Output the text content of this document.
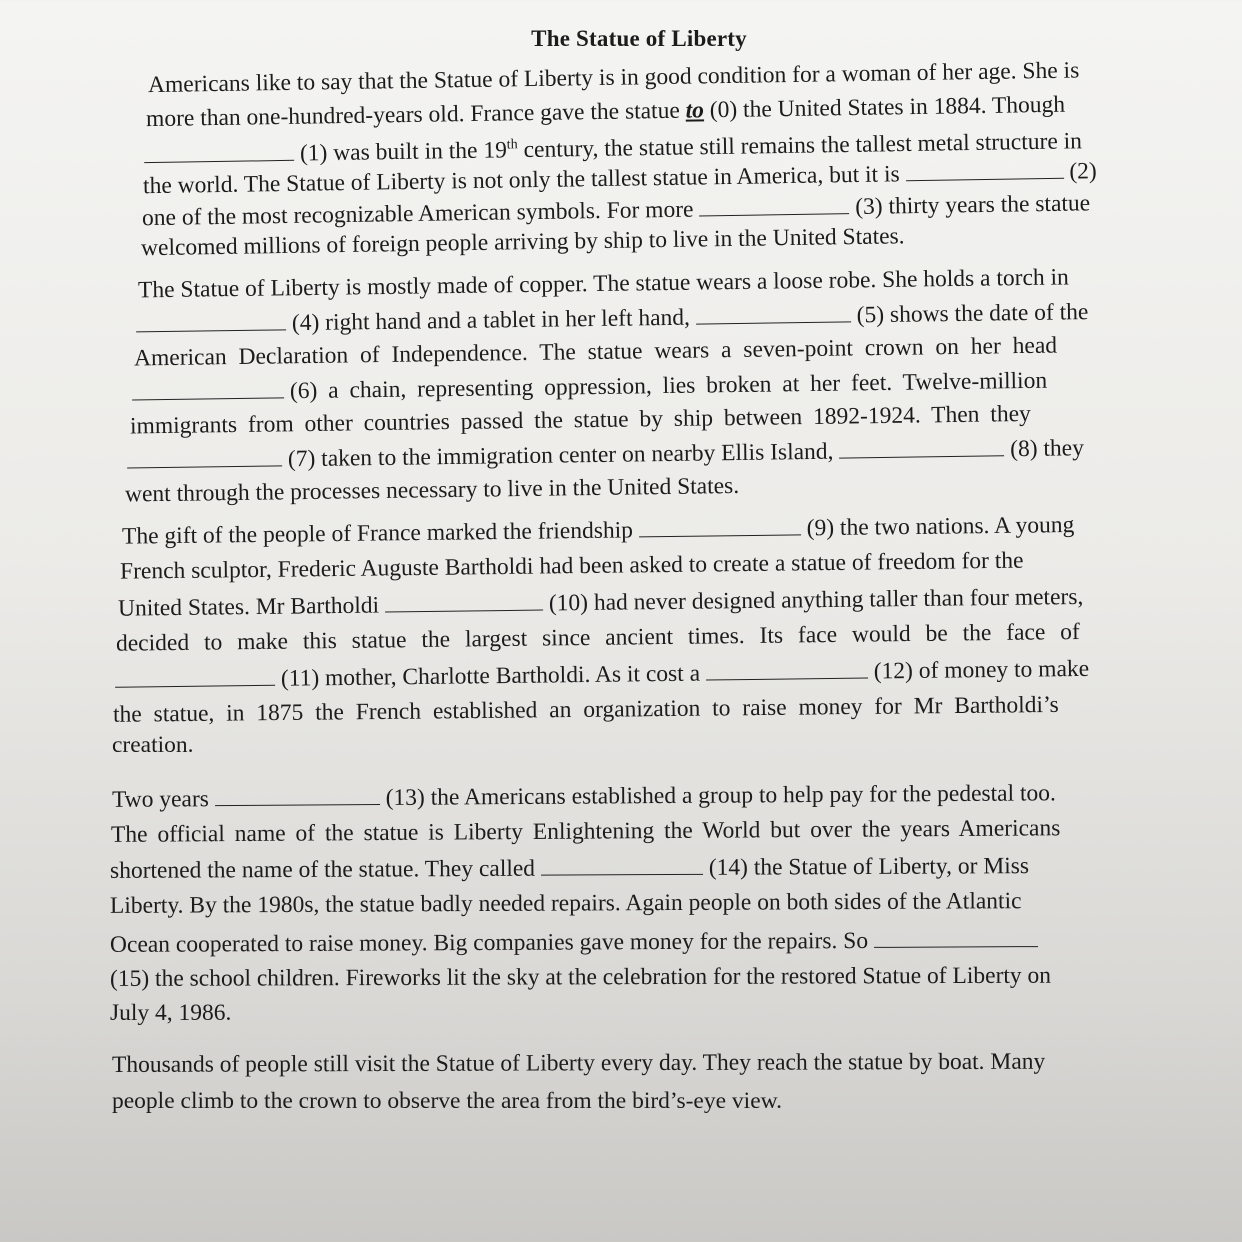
The Statue of Liberty
Americans like to say that the Statue of Liberty is in good condition for a woman of her age. She is
more than one-hundred-years old. France gave the statue to (0) the United States in 1884. Though
(1) was built in the 19th century, the statue still remains the tallest metal structure in
the world. The Statue of Liberty is not only the tallest statue in America, but it is	(2)
one of the most recognizable American symbols. For more	(3) thirty years the statue
welcomed millions of foreign people arriving by ship to live in the United States.
The Statue of Liberty is mostly made of copper. The statue wears a loose robe. She holds a torch in
(4) right hand and a tablet in her left hand,	(5) shows the date of the
American Declaration of Independence. The statue wears a seven-point crown on her head
(6) a chain, representing oppression, lies broken at her feet. Twelve-million
immigrants from other countries passed the statue by ship between 1892-1924. Then they
(7) taken to the immigration center on nearby Ellis Island,	(8) they
went through the processes necessary to live in the United States.
The gift of the people of France marked the friendship	(9) the two nations. A young
French sculptor, Frederic Auguste Bartholdi had been asked to create a statue of freedom for the
United States. Mr Bartholdi	(10) had never designed anything taller than four meters,
decided to make this statue the largest since ancient times. Its face would be the face of
(11) mother, Charlotte Bartholdi. As it cost a	(12) of money to make
the statue, in 1875 the French established an organization to raise money for Mr Bartholdi’s
creation.
Two years	(13) the Americans established a group to help pay for the pedestal too.
The official name of the statue is Liberty Enlightening the World but over the years Americans
shortened the name of the statue. They called	(14) the Statue of Liberty, or Miss
Liberty. By the 1980s, the statue badly needed repairs. Again people on both sides of the Atlantic
Ocean cooperated to raise money. Big companies gave money for the repairs. So
(15) the school children. Fireworks lit the sky at the celebration for the restored Statue of Liberty on
July 4, 1986.
Thousands of people still visit the Statue of Liberty every day. They reach the statue by boat. Many
people climb to the crown to observe the area from the bird’s-eye view.
